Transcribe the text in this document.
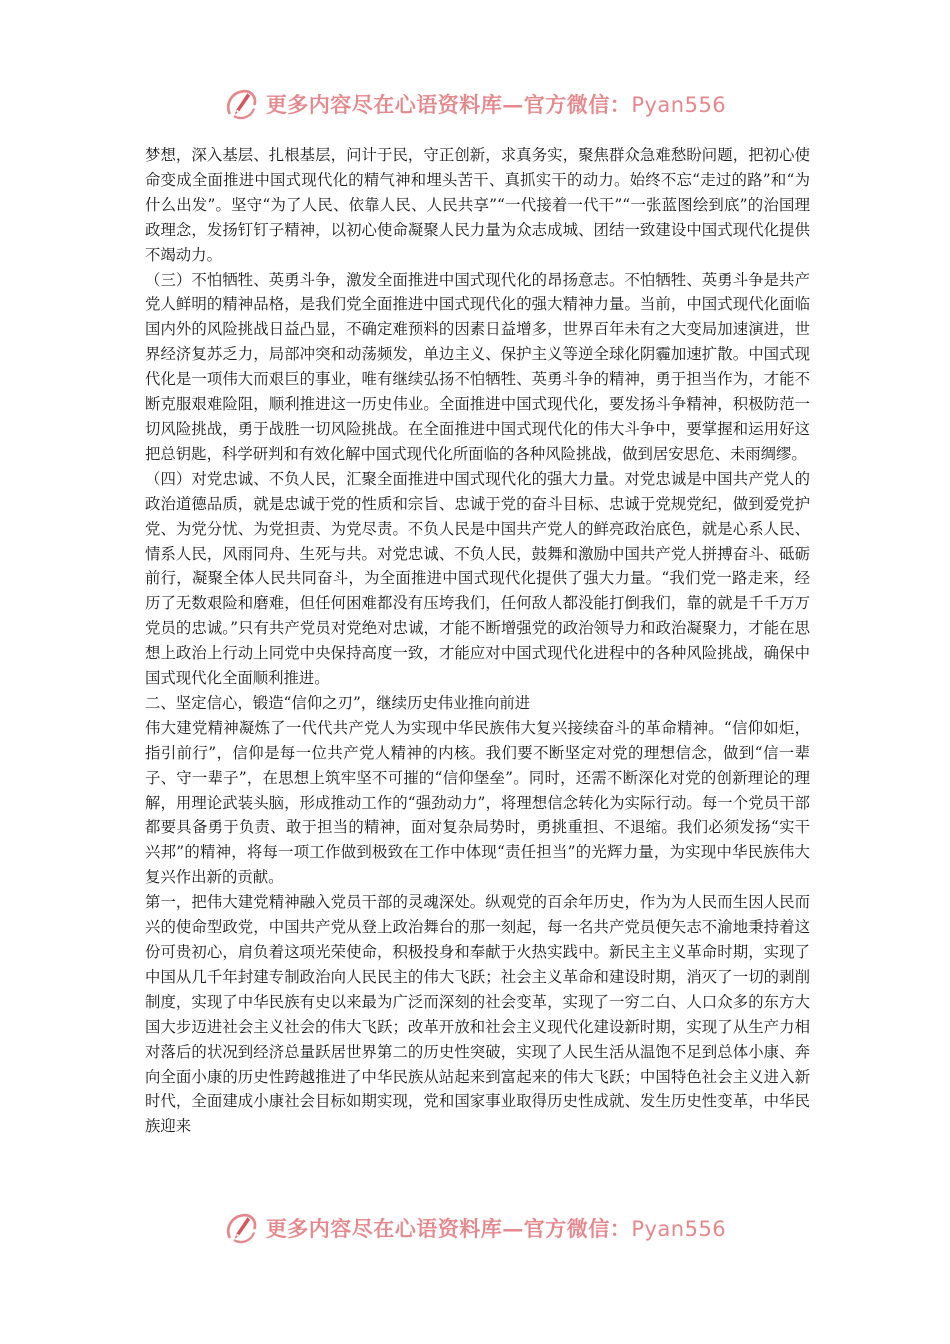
更多内容尽在心语资料库—官方微信：Pyan556

梦想，深入基层、扎根基层，问计于民，守正创新，求真务实，聚焦群众急难愁盼问题，把初心使命变成全面推进中国式现代化的精气神和埋头苦干、真抓实干的动力。始终不忘“走过的路”和“为什么出发”。坚守“为了人民、依靠人民、人民共享”“一代接着一代干”“一张蓝图绘到底”的治国理政理念，发扬钉钉子精神，以初心使命凝聚人民力量为众志成城、团结一致建设中国式现代化提供不竭动力。

（三）不怕牺牲、英勇斗争，激发全面推进中国式现代化的昂扬意志。不怕牺牲、英勇斗争是共产党人鲜明的精神品格，是我们党全面推进中国式现代化的强大精神力量。当前，中国式现代化面临国内外的风险挑战日益凸显，不确定难预料的因素日益增多，世界百年未有之大变局加速演进，世界经济复苏乏力，局部冲突和动荡频发，单边主义、保护主义等逆全球化阴霾加速扩散。中国式现代化是一项伟大而艰巨的事业，唯有继续弘扬不怕牺牲、英勇斗争的精神，勇于担当作为，才能不断克服艰难险阻，顺利推进这一历史伟业。全面推进中国式现代化，要发扬斗争精神，积极防范一切风险挑战，勇于战胜一切风险挑战。在全面推进中国式现代化的伟大斗争中，要掌握和运用好这把总钥匙，科学研判和有效化解中国式现代化所面临的各种风险挑战，做到居安思危、未雨绸缪。

（四）对党忠诚、不负人民，汇聚全面推进中国式现代化的强大力量。对党忠诚是中国共产党人的政治道德品质，就是忠诚于党的性质和宗旨、忠诚于党的奋斗目标、忠诚于党规党纪，做到爱党护党、为党分忧、为党担责、为党尽责。不负人民是中国共产党人的鲜亮政治底色，就是心系人民、情系人民，风雨同舟、生死与共。对党忠诚、不负人民，鼓舞和激励中国共产党人拼搏奋斗、砥砺前行，凝聚全体人民共同奋斗，为全面推进中国式现代化提供了强大力量。“我们党一路走来，经历了无数艰险和磨难，但任何困难都没有压垮我们，任何敌人都没能打倒我们，靠的就是千千万万党员的忠诚。”只有共产党员对党绝对忠诚，才能不断增强党的政治领导力和政治凝聚力，才能在思想上政治上行动上同党中央保持高度一致，才能应对中国式现代化进程中的各种风险挑战，确保中国式现代化全面顺利推进。

二、坚定信心，锻造“信仰之刃”，继续历史伟业推向前进

伟大建党精神凝炼了一代代共产党人为实现中华民族伟大复兴接续奋斗的革命精神。“信仰如炬，指引前行”，信仰是每一位共产党人精神的内核。我们要不断坚定对党的理想信念，做到“信一辈子、守一辈子”，在思想上筑牢坚不可摧的“信仰堡垒”。同时，还需不断深化对党的创新理论的理解，用理论武装头脑，形成推动工作的“强劲动力”，将理想信念转化为实际行动。每一个党员干部都要具备勇于负责、敢于担当的精神，面对复杂局势时，勇挑重担、不退缩。我们必须发扬“实干兴邦”的精神，将每一项工作做到极致在工作中体现“责任担当”的光辉力量，为实现中华民族伟大复兴作出新的贡献。

第一，把伟大建党精神融入党员干部的灵魂深处。纵观党的百余年历史，作为为人民而生因人民而兴的使命型政党，中国共产党从登上政治舞台的那一刻起，每一名共产党员便矢志不渝地秉持着这份可贵初心，肩负着这项光荣使命，积极投身和奉献于火热实践中。新民主主义革命时期，实现了中国从几千年封建专制政治向人民民主的伟大飞跃；社会主义革命和建设时期，消灭了一切的剥削制度，实现了中华民族有史以来最为广泛而深刻的社会变革，实现了一穷二白、人口众多的东方大国大步迈进社会主义社会的伟大飞跃；改革开放和社会主义现代化建设新时期，实现了从生产力相对落后的状况到经济总量跃居世界第二的历史性突破，实现了人民生活从温饱不足到总体小康、奔向全面小康的历史性跨越推进了中华民族从站起来到富起来的伟大飞跃；中国特色社会主义进入新时代，全面建成小康社会目标如期实现，党和国家事业取得历史性成就、发生历史性变革，中华民族迎来

更多内容尽在心语资料库—官方微信：Pyan556
